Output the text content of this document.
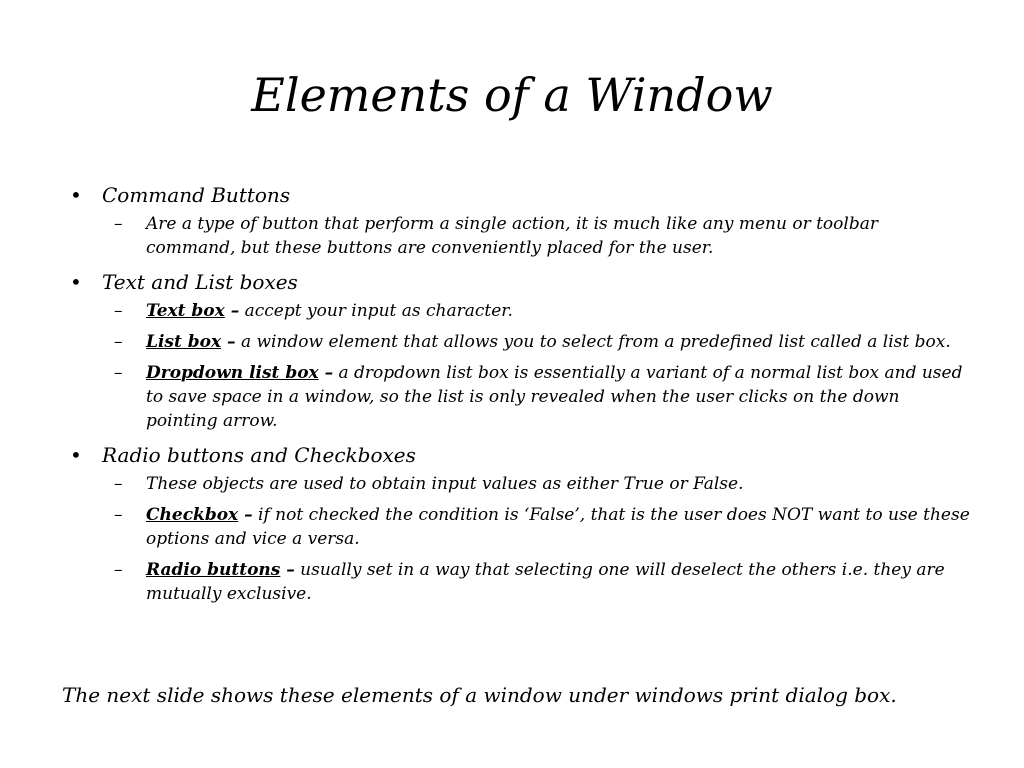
Elements of a Window

• Command Buttons

– Are a type of button that perform a single action, it is much like any menu or toolbar command, but these buttons are conveniently placed for the user.

• Text and List boxes

– Text box – accept your input as character.

– List box – a window element that allows you to select from a predefined list called a list box.

– Dropdown list box – a dropdown list box is essentially a variant of a normal list box and used to save space in a window, so the list is only revealed when the user clicks on the down pointing arrow.

• Radio buttons and Checkboxes

– These objects are used to obtain input values as either True or False.

– Checkbox – if not checked the condition is ‘False’, that is the user does NOT want to use these options and vice a versa.

– Radio buttons – usually set in a way that selecting one will deselect the others i.e. they are mutually exclusive.

The next slide shows these elements of a window under windows print dialog box.
